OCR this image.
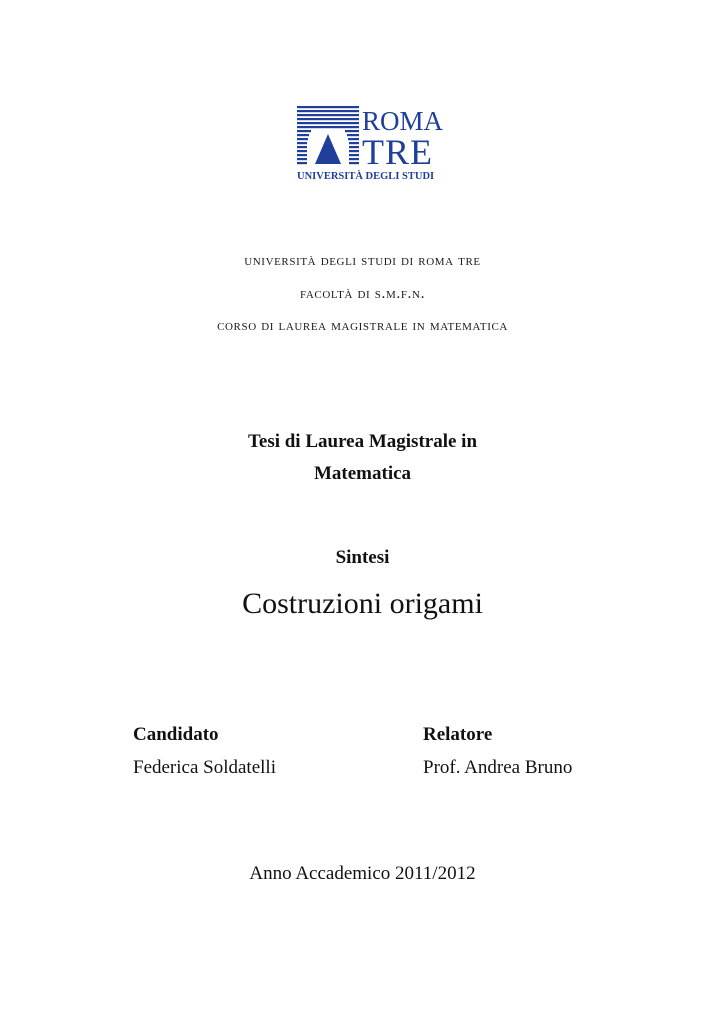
ROMA
TRE
UNIVERSITÀ DEGLI STUDI
università degli studi di roma tre
facoltà di s.m.f.n.
corso di laurea magistrale in matematica
Tesi di Laurea Magistrale in
Matematica
Sintesi
Costruzioni origami
Candidato
Federica Soldatelli
Relatore
Prof. Andrea Bruno
Anno Accademico 2011/2012
